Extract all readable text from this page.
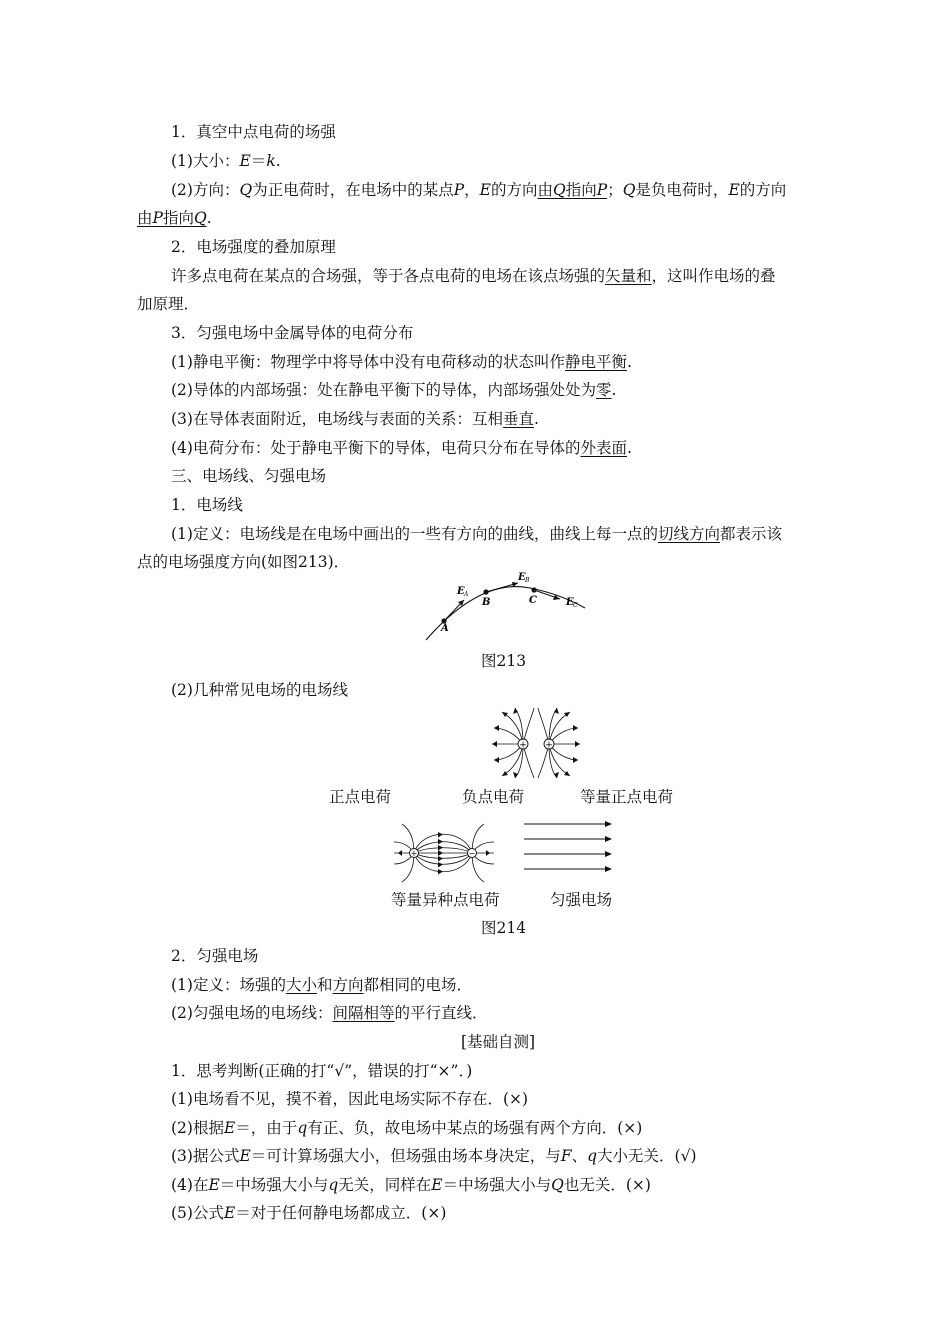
1．真空中点电荷的场强
(1)大小：E＝k.
(2)方向：Q为正电荷时，在电场中的某点P，E的方向由Q指向P；Q是负电荷时，E的方向
由P指向Q.
2．电场强度的叠加原理
许多点电荷在某点的合场强，等于各点电荷的电场在该点场强的矢量和，这叫作电场的叠
加原理．
3．匀强电场中金属导体的电荷分布
(1)静电平衡：物理学中将导体中没有电荷移动的状态叫作静电平衡.
(2)导体的内部场强：处在静电平衡下的导体，内部场强处处为零.
(3)在导体表面附近，电场线与表面的关系：互相垂直.
(4)电荷分布：处于静电平衡下的导体，电荷只分布在导体的外表面.
三、电场线、匀强电场
1．电场线
(1)定义：电场线是在电场中画出的一些有方向的曲线，曲线上每一点的切线方向都表示该
点的电场强度方向(如图213)．
A
B	C
E A
E B
E C
图213
(2)几种常见电场的电场线
+ +
正点电荷	负点电荷	等量正点电荷
+	−
等量异种点电荷	匀强电场
图214
2．匀强电场
(1)定义：场强的大小和方向都相同的电场．
(2)匀强电场的电场线：间隔相等的平行直线．
[基础自测]
1．思考判断(正确的打“√”，错误的打“×”．)
(1)电场看不见，摸不着，因此电场实际不存在．(×)
(2)根据E＝，由于q有正、负，故电场中某点的场强有两个方向．(×)
(3)据公式E＝可计算场强大小，但场强由场本身决定，与F、q大小无关．(√)
(4)在E＝中场强大小与q无关，同样在E＝中场强大小与Q也无关．(×)
(5)公式E＝对于任何静电场都成立．(×)
